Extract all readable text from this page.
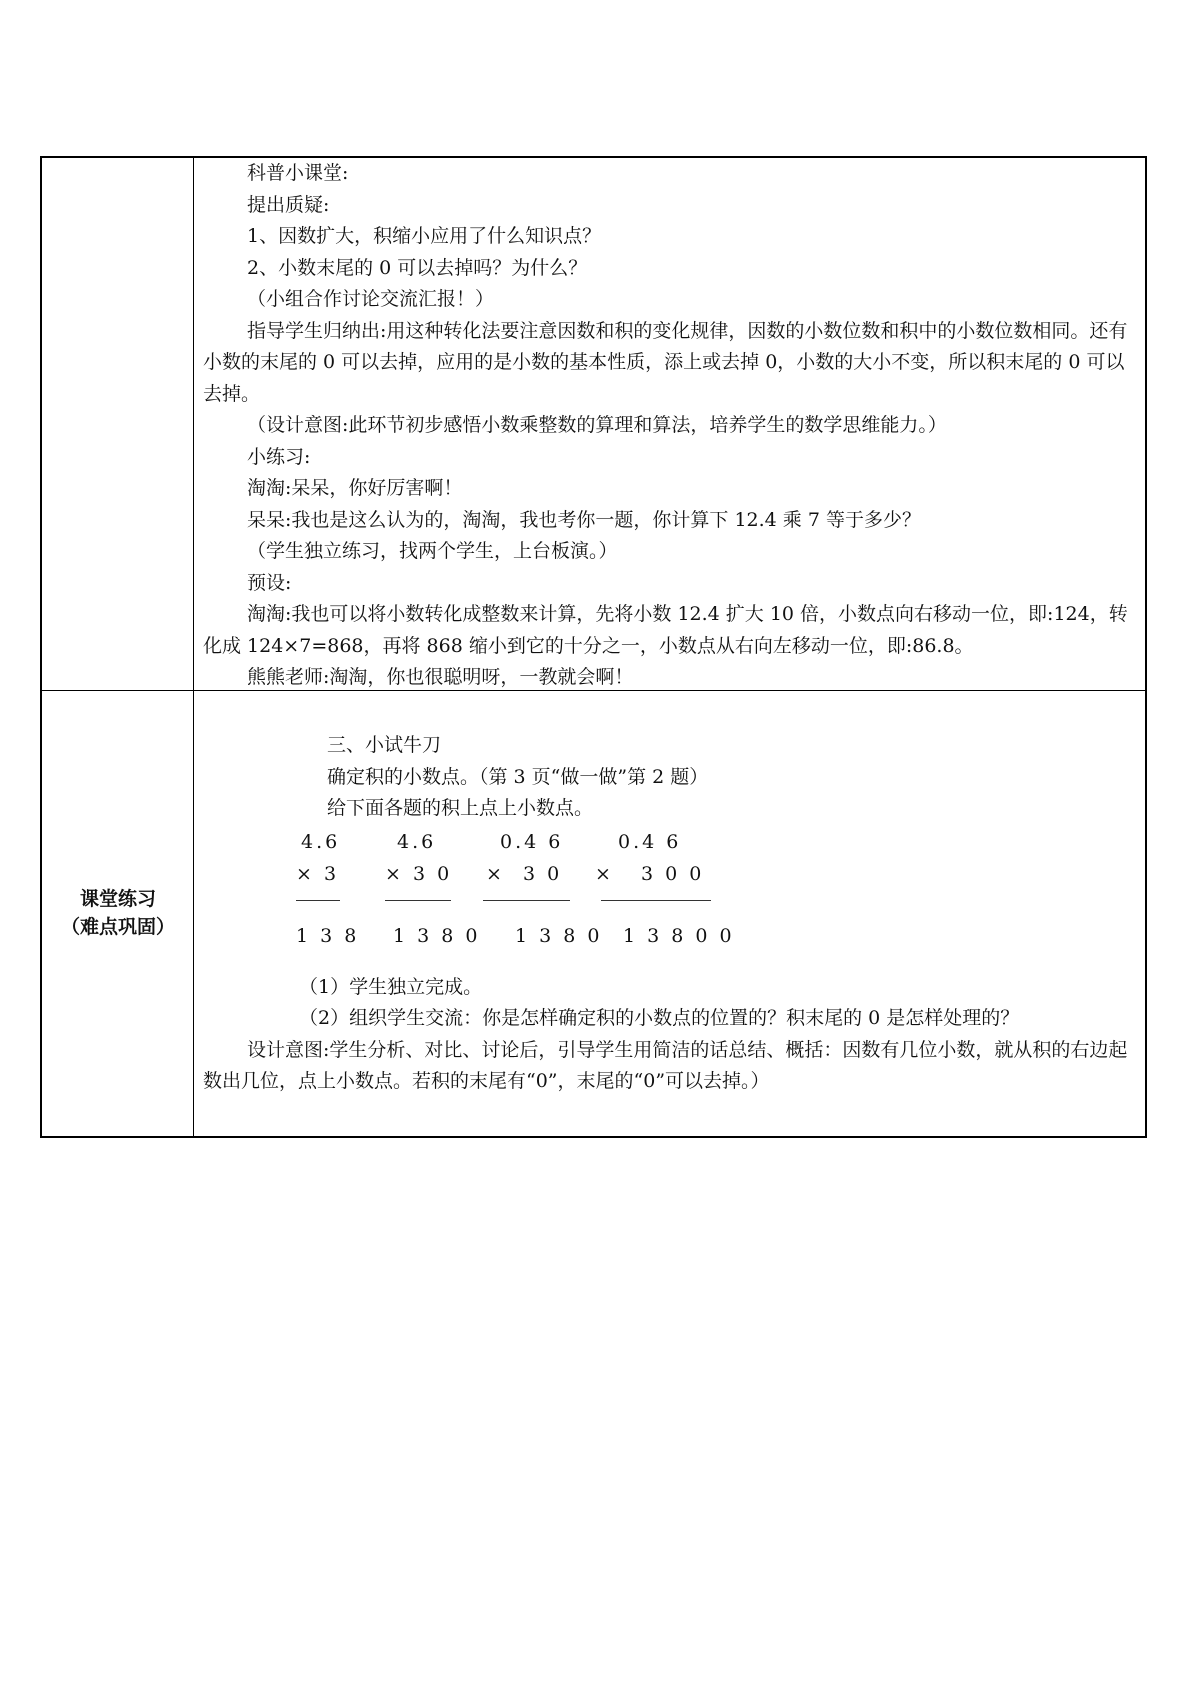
科普小课堂:

提出质疑:

1、因数扩大，积缩小应用了什么知识点？

2、小数末尾的 0 可以去掉吗？为什么？

（小组合作讨论交流汇报！）

指导学生归纳出:用这种转化法要注意因数和积的变化规律，因数的小数位数和积中的小数位数相同。还有小数的末尾的 0 可以去掉，应用的是小数的基本性质，添上或去掉 0，小数的大小不变，所以积末尾的 0 可以去掉。

（设计意图:此环节初步感悟小数乘整数的算理和算法，培养学生的数学思维能力。）

小练习:

淘淘:呆呆，你好厉害啊！

呆呆:我也是这么认为的，淘淘，我也考你一题，你计算下 12.4 乘 7 等于多少？

（学生独立练习，找两个学生，上台板演。）

预设:

淘淘:我也可以将小数转化成整数来计算，先将小数 12.4 扩大 10 倍，小数点向右移动一位，即:124，转化成 124×7=868，再将 868 缩小到它的十分之一，小数点从右向左移动一位，即:86.8。

熊熊老师:淘淘，你也很聪明呀，一教就会啊！

课堂练习
（难点巩固）

三、小试牛刀

确定积的小数点。（第 3 页“做一做”第 2 题）

给下面各题的积上点上小数点。

4.6
× 3
1 3 8
4.6
× 3 0
1 3 8 0
0.4 6
×  3 0
1 3 8 0
0.4 6
×   3 0 0
1 3 8 0 0

（1）学生独立完成。

（2）组织学生交流：你是怎样确定积的小数点的位置的？积末尾的 0 是怎样处理的？

设计意图:学生分析、对比、讨论后，引导学生用简洁的话总结、概括：因数有几位小数，就从积的右边起数出几位，点上小数点。若积的末尾有“0”，末尾的“0”可以去掉。）
